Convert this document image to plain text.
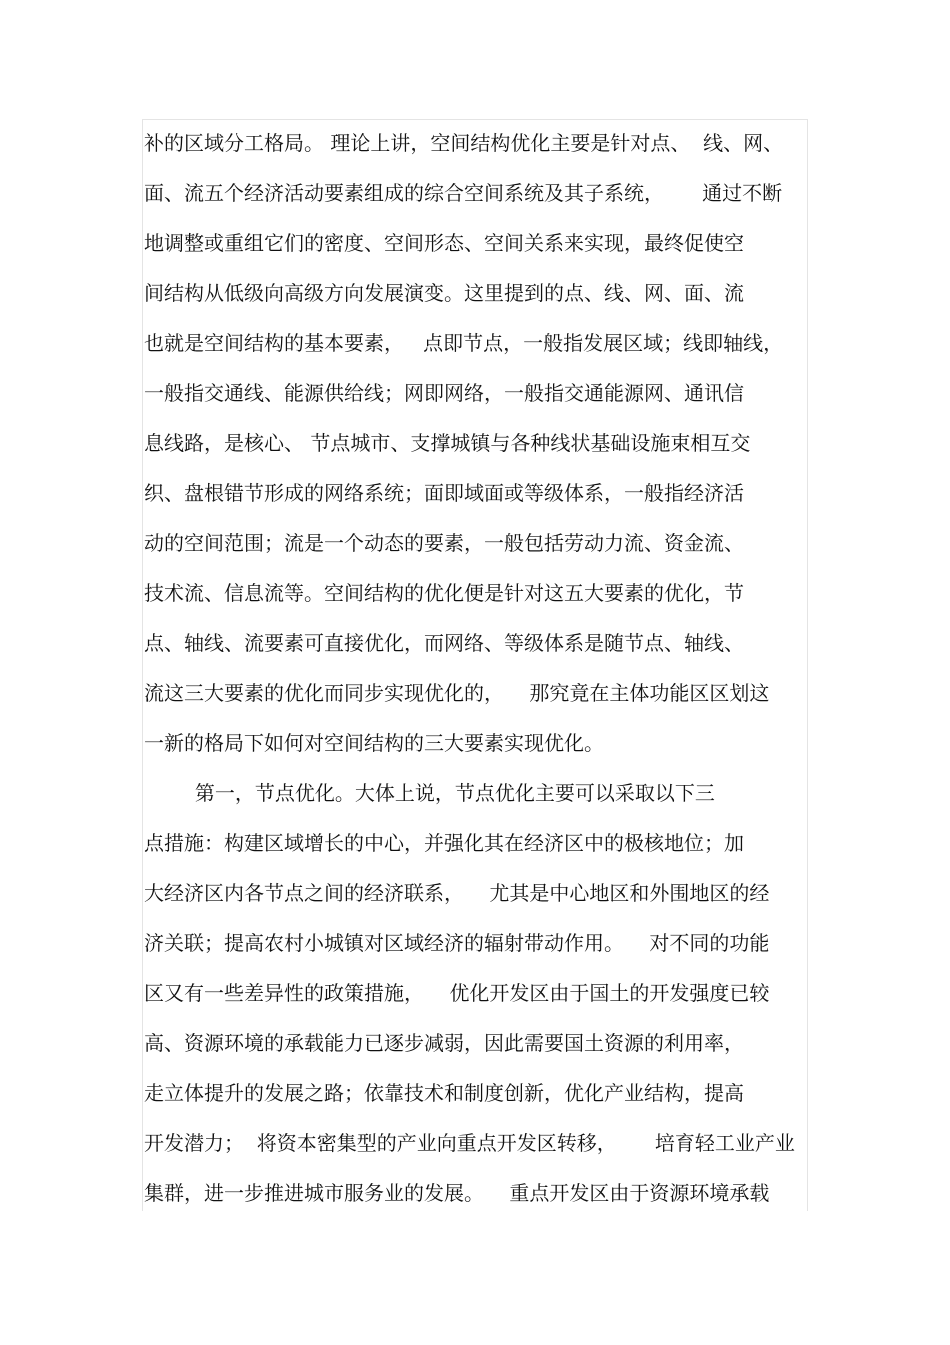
补的区域分工格局。 理论上讲，空间结构优化主要是针对点、  线、网、
面、流五个经济活动要素组成的综合空间系统及其子系统，      通过不断
地调整或重组它们的密度、空间形态、空间关系来实现，最终促使空
间结构从低级向高级方向发展演变。这里提到的点、线、网、面、流
也就是空间结构的基本要素，   点即节点，一般指发展区域；线即轴线，
一般指交通线、能源供给线；网即网络，一般指交通能源网、通讯信
息线路，是核心、 节点城市、支撑城镇与各种线状基础设施束相互交
织、盘根错节形成的网络系统；面即域面或等级体系，一般指经济活
动的空间范围；流是一个动态的要素，一般包括劳动力流、资金流、
技术流、信息流等。空间结构的优化便是针对这五大要素的优化，节
点、轴线、流要素可直接优化，而网络、等级体系是随节点、轴线、
流这三大要素的优化而同步实现优化的，    那究竟在主体功能区区划这
一新的格局下如何对空间结构的三大要素实现优化。
第一，节点优化。大体上说，节点优化主要可以采取以下三
点措施：构建区域增长的中心，并强化其在经济区中的极核地位；加
大经济区内各节点之间的经济联系，    尤其是中心地区和外围地区的经
济关联；提高农村小城镇对区域经济的辐射带动作用。    对不同的功能
区又有一些差异性的政策措施，    优化开发区由于国土的开发强度已较
高、资源环境的承载能力已逐步减弱，因此需要国土资源的利用率，
走立体提升的发展之路；依靠技术和制度创新，优化产业结构，提高
开发潜力；  将资本密集型的产业向重点开发区转移，      培育轻工业产业
集群，进一步推进城市服务业的发展。    重点开发区由于资源环境承载
